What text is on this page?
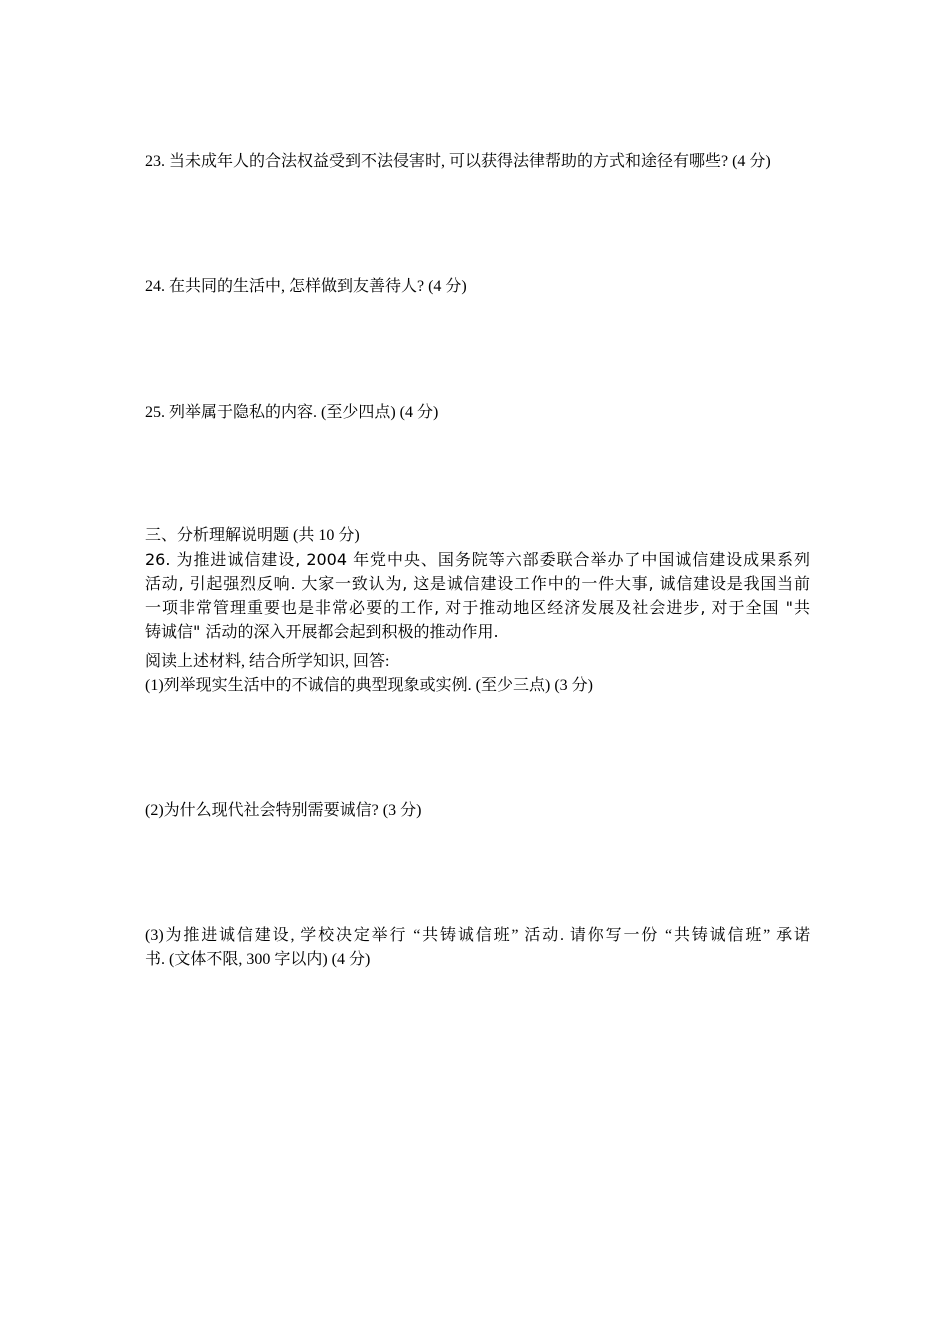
23. 当未成年人的合法权益受到不法侵害时, 可以获得法律帮助的方式和途径有哪些? (4 分)
24. 在共同的生活中, 怎样做到友善待人? (4 分)
25. 列举属于隐私的内容. (至少四点) (4 分)
三、分析理解说明题 (共 10 分)
26. 为推进诚信建设, 2004 年党中央、国务院等六部委联合举办了中国诚信建设成果系列
活动, 引起强烈反响. 大家一致认为, 这是诚信建设工作中的一件大事, 诚信建设是我国当前
一项非常管理重要也是非常必要的工作, 对于推动地区经济发展及社会进步, 对于全国 "共
铸诚信" 活动的深入开展都会起到积极的推动作用.
阅读上述材料, 结合所学知识, 回答:
(1)列举现实生活中的不诚信的典型现象或实例. (至少三点) (3 分)
(2)为什么现代社会特别需要诚信? (3 分)
(3)为推进诚信建设, 学校决定举行 “共铸诚信班” 活动. 请你写一份 “共铸诚信班” 承诺
书. (文体不限, 300 字以内) (4 分)
